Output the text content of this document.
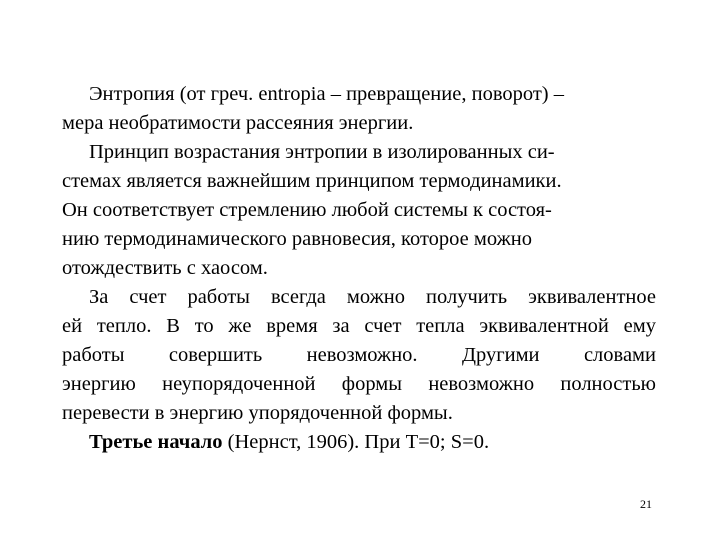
Энтропия (от греч. entropia – превращение, поворот) –
мера необратимости рассеяния энергии.

Принцип возрастания энтропии в изолированных си-
стемах является важнейшим принципом термодинамики.
Он соответствует стремлению любой системы к состоя-
нию термодинамического равновесия, которое можно
отождествить с хаосом.

За счет работы всегда можно получить эквивалентное
ей тепло. В то же время за счет тепла эквивалентной ему
работы совершить невозможно. Другими словами
энергию неупорядоченной формы невозможно полностью
перевести в энергию упорядоченной формы.

Третье начало (Нернст, 1906). При T=0; S=0.

21
